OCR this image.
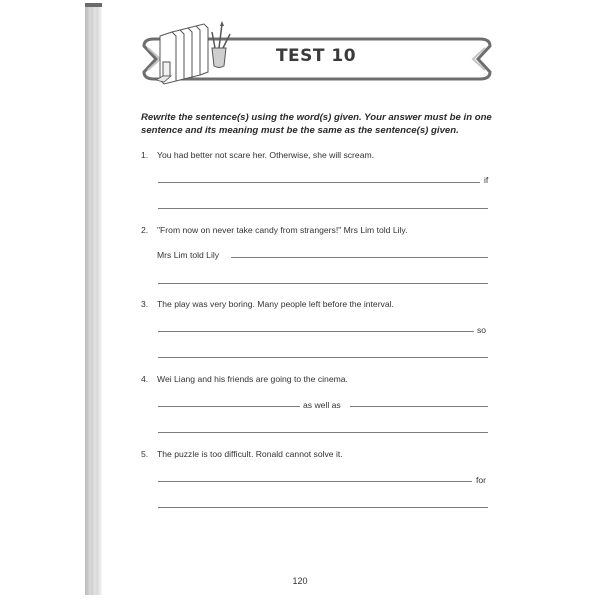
TEST 10
Rewrite the sentence(s) using the word(s) given. Your answer must be in one sentence and its meaning must be the same as the sentence(s) given.
1. You had better not scare her. Otherwise, she will scream.
if
2. "From now on never take candy from strangers!" Mrs Lim told Lily.
Mrs Lim told Lily
3. The play was very boring. Many people left before the interval.
so
4. Wei Liang and his friends are going to the cinema.
as well as
5. The puzzle is too difficult. Ronald cannot solve it.
for
120
